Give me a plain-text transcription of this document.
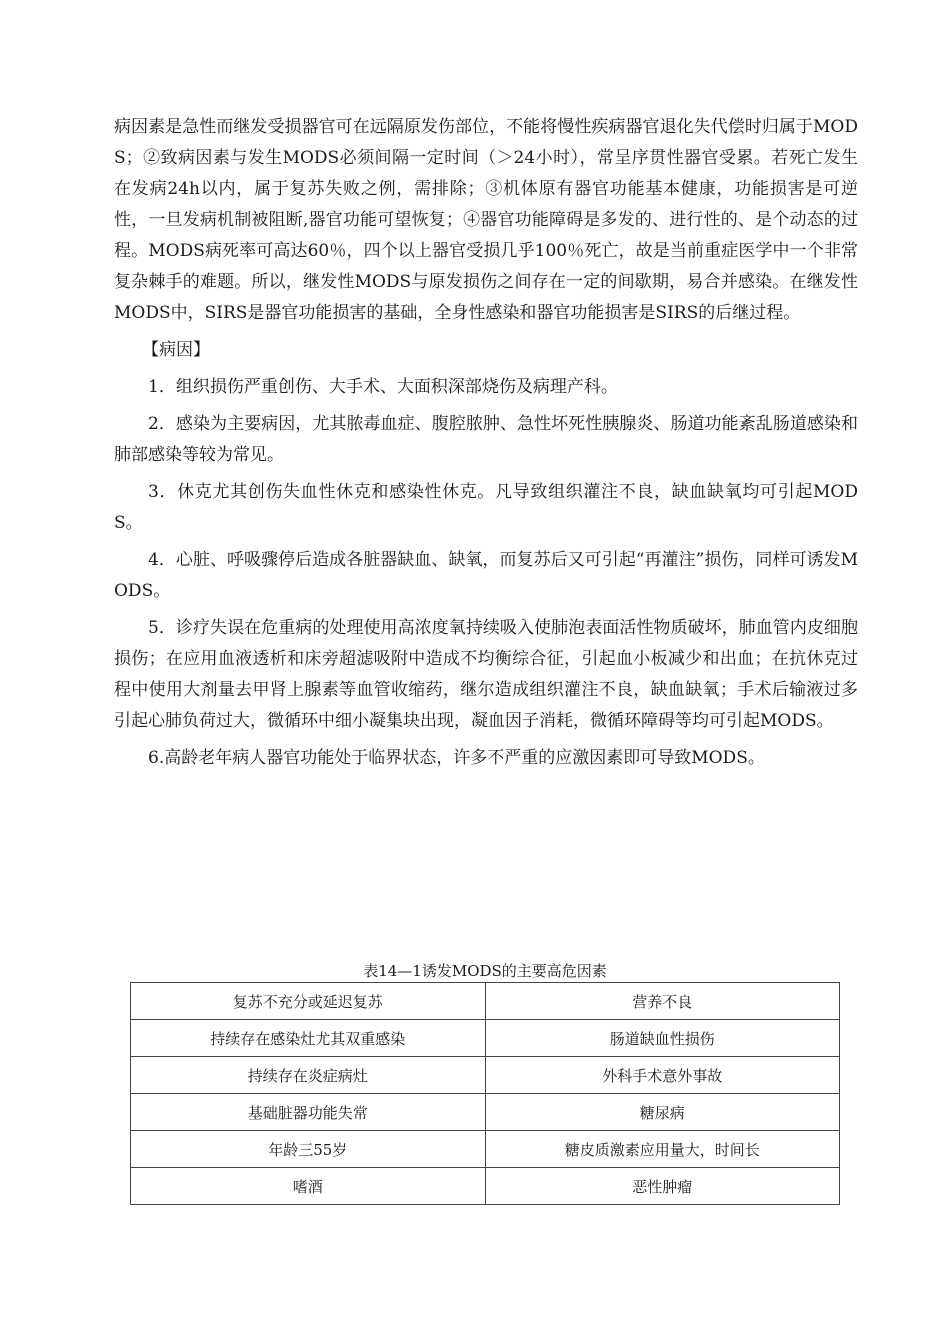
病因素是急性而继发受损器官可在远隔原发伤部位，不能将慢性疾病器官退化失代偿时归属于MODS；②致病因素与发生MODS必须间隔一定时间（＞24小时），常呈序贯性器官受累。若死亡发生在发病24h以内，属于复苏失败之例，需排除；③机体原有器官功能基本健康，功能损害是可逆性，一旦发病机制被阻断,器官功能可望恢复；④器官功能障碍是多发的、进行性的、是个动态的过程。MODS病死率可高达60％，四个以上器官受损几乎100％死亡，故是当前重症医学中一个非常复杂棘手的难题。所以，继发性MODS与原发损伤之间存在一定的间歇期，易合并感染。在继发性MODS中，SIRS是器官功能损害的基础，全身性感染和器官功能损害是SIRS的后继过程。

【病因】

1．组织损伤严重创伤、大手术、大面积深部烧伤及病理产科。

2．感染为主要病因，尤其脓毒血症、腹腔脓肿、急性坏死性胰腺炎、肠道功能紊乱肠道感染和肺部感染等较为常见。

3．休克尤其创伤失血性休克和感染性休克。凡导致组织灌注不良，缺血缺氧均可引起MODS。

4．心脏、呼吸骤停后造成各脏器缺血、缺氧，而复苏后又可引起“再灌注”损伤，同样可诱发MODS。

5．诊疗失误在危重病的处理使用高浓度氧持续吸入使肺泡表面活性物质破坏，肺血管内皮细胞损伤；在应用血液透析和床旁超滤吸附中造成不均衡综合征，引起血小板减少和出血；在抗休克过程中使用大剂量去甲肾上腺素等血管收缩药，继尔造成组织灌注不良，缺血缺氧；手术后输液过多引起心肺负荷过大，微循环中细小凝集块出现，凝血因子消耗，微循环障碍等均可引起MODS。

6.高龄老年病人器官功能处于临界状态，许多不严重的应激因素即可导致MODS。

表14—1诱发MODS的主要高危因素
复苏不充分或延迟复苏	营养不良
持续存在感染灶尤其双重感染	肠道缺血性损伤
持续存在炎症病灶	外科手术意外事故
基础脏器功能失常	糖尿病
年龄三55岁	糖皮质激素应用量大，时间长
嗜酒	恶性肿瘤
